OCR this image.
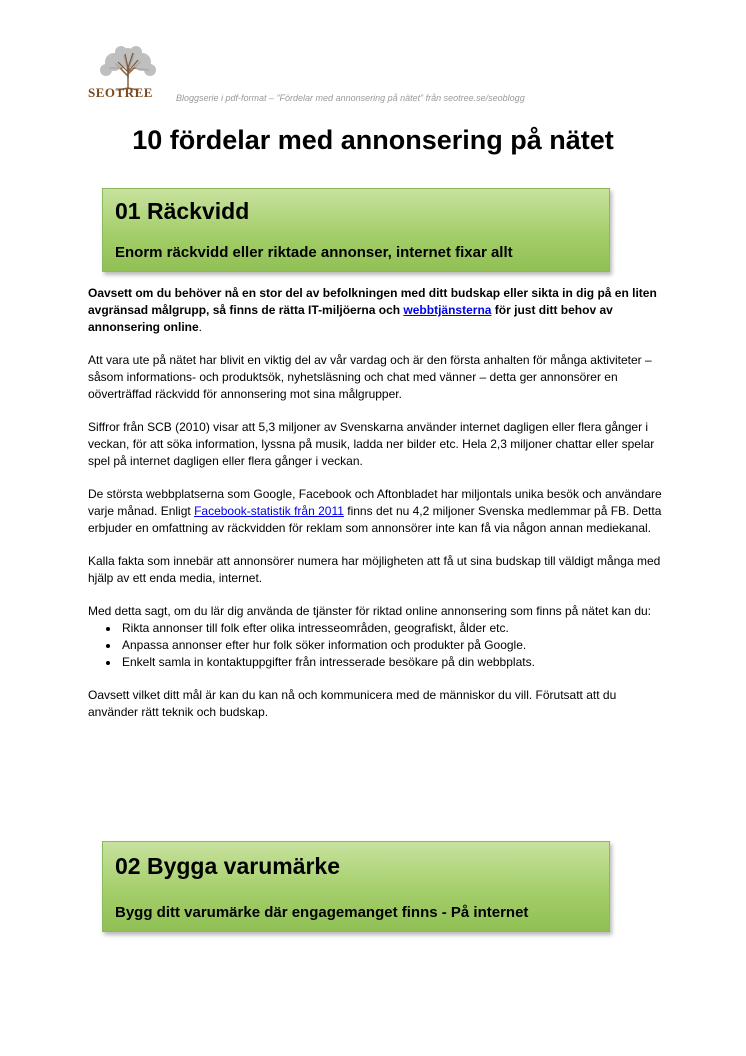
SEOTREE	Bloggserie i pdf-format – ”Fördelar med annonsering på nätet” från seotree.se/seoblogg
10 fördelar med annonsering på nätet
01 Räckvidd
Enorm räckvidd eller riktade annonser, internet fixar allt

Oavsett om du behöver nå en stor del av befolkningen med ditt budskap eller sikta in dig på en liten avgränsad målgrupp, så finns de rätta IT-miljöerna och webbtjänsterna för just ditt behov av annonsering online.

Att vara ute på nätet har blivit en viktig del av vår vardag och är den första anhalten för många aktiviteter – såsom informations- och produktsök, nyhetsläsning och chat med vänner – detta ger annonsörer en oöverträffad räckvidd för annonsering mot sina målgrupper.

Siffror från SCB (2010) visar att 5,3 miljoner av Svenskarna använder internet dagligen eller flera gånger i veckan, för att söka information, lyssna på musik, ladda ner bilder etc. Hela 2,3 miljoner chattar eller spelar spel på internet dagligen eller flera gånger i veckan.

De största webbplatserna som Google, Facebook och Aftonbladet har miljontals unika besök och användare varje månad. Enligt Facebook-statistik från 2011 finns det nu 4,2 miljoner Svenska medlemmar på FB. Detta erbjuder en omfattning av räckvidden för reklam som annonsörer inte kan få via någon annan mediekanal.

Kalla fakta som innebär att annonsörer numera har möjligheten att få ut sina budskap till väldigt många med hjälp av ett enda media, internet.

Med detta sagt, om du lär dig använda de tjänster för riktad online annonsering som finns på nätet kan du:

• Rikta annonser till folk efter olika intresseområden, geografiskt, ålder etc.
• Anpassa annonser efter hur folk söker information och produkter på Google.
• Enkelt samla in kontaktuppgifter från intresserade besökare på din webbplats.

Oavsett vilket ditt mål är kan du kan nå och kommunicera med de människor du vill. Förutsatt att du använder rätt teknik och budskap.

02 Bygga varumärke
Bygg ditt varumärke där engagemanget finns - På internet
